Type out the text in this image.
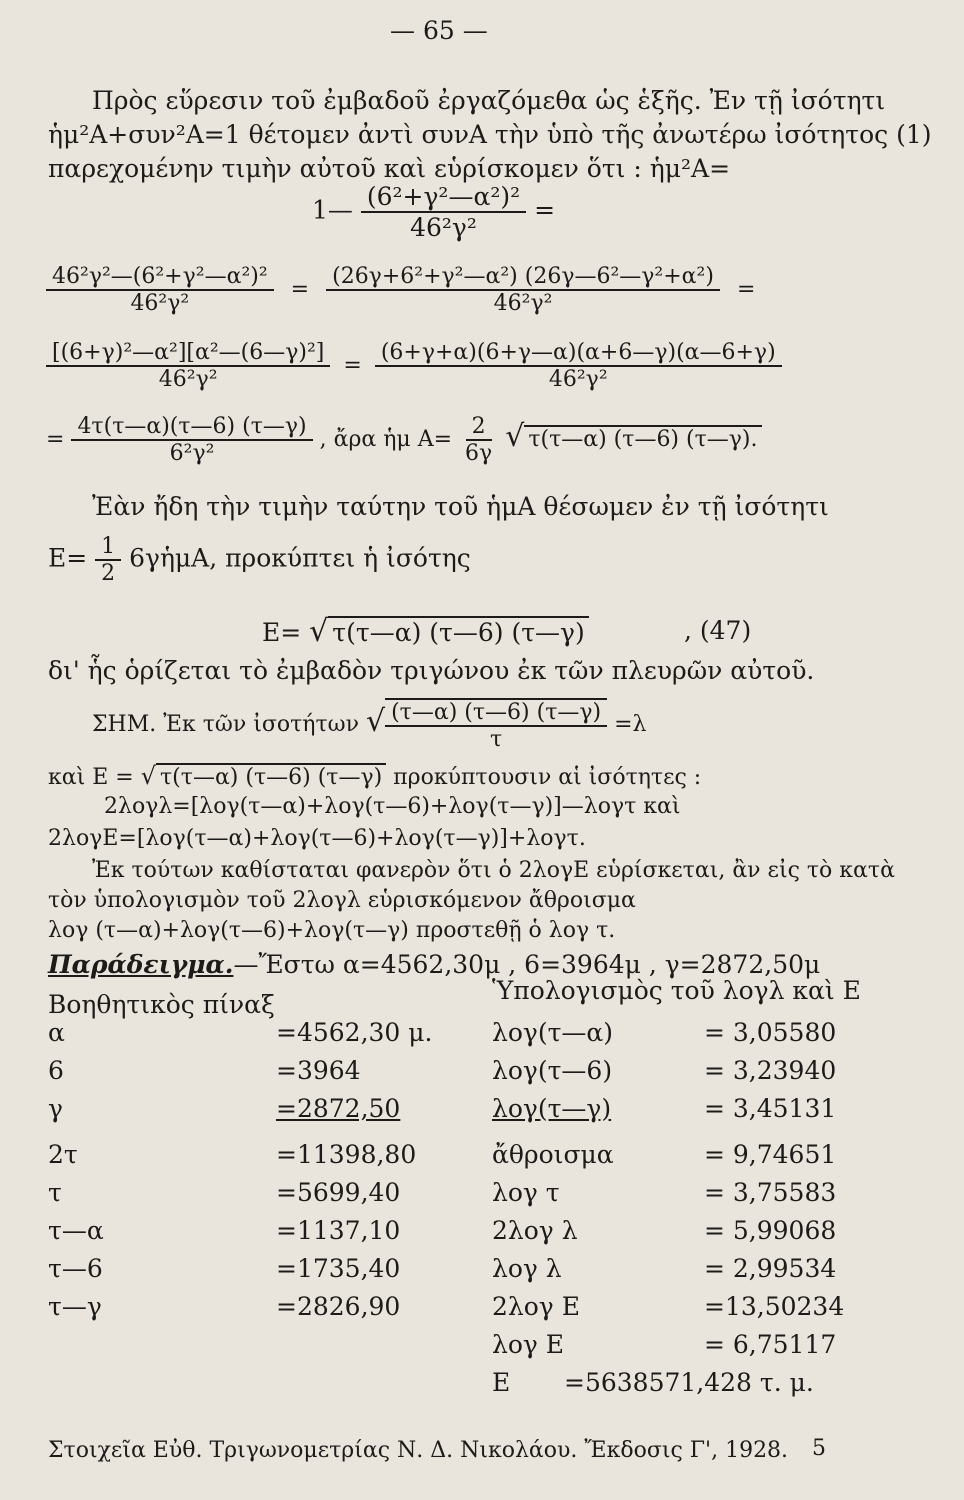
— 65 —
Πρὸς εὕρεσιν τοῦ ἐμβαδοῦ ἐργαζόμεθα ὡς ἑξῆς. Ἐν τῇ ἰσότητι
ἡμ²Α+συν²Α=1 θέτομεν ἀντὶ συνΑ τὴν ὑπὸ τῆς ἀνωτέρω ἰσότητος (1)
παρεχομένην τιμὴν αὐτοῦ καὶ εὑρίσκομεν ὅτι : ἡμ²Α=
1— $\frac{\text{(6²+γ²—α²)²}}{\text{46²γ²}}$ =
$\frac{\text{46²γ²—(6²+γ²—α²)²}}{\text{46²γ²}} = \frac{\text{(26γ+6²+γ²—α²) (26γ—6²—γ²+α²)}}{\text{46²γ²}}$ =
$\frac{\text{[(6+γ)²—α²][α²—(6—γ)²]}}{\text{46²γ²}} = \frac{(6+\gamma+\alpha)(6+\gamma—\alpha)(\alpha+6—\gamma)(\alpha—6+\gamma)}{\text{46²γ²}}$
= $\frac{4\tau(\tau—\alpha)(\tau—6) (\tau—\gamma)}{\text{6²γ²}}$ , ἄρα ἡμ $A= \frac{2}{6\gamma}$ √ τ(τ—α) (τ—6) (τ—γ).
Ἐὰν ἤδη τὴν τιμὴν ταύτην τοῦ ἡμΑ θέσωμεν ἐν τῇ ἰσότητι
$E= \frac{1}{2}$ 6γἡμΑ, προκύπτει ἡ ἰσότης
Ε= √ τ(τ—α) (τ—6) (τ—γ)	, (47)
δι' ἧς ὁρίζεται τὸ ἐμβαδὸν τριγώνου ἐκ τῶν πλευρῶν αὐτοῦ.
ΣΗΜ. Ἐκ τῶν ἰσοτήτων √ $\frac{(\tau—\alpha) (\tau—6) (\tau—\gamma)}{\tau} =\lambda$
καὶ Ε = √ τ(τ—α) (τ—6) (τ—γ) προκύπτουσιν αἱ ἰσότητες :
2λογλ=[λογ(τ—α)+λογ(τ—6)+λογ(τ—γ)]—λογτ καὶ
2λογΕ=[λογ(τ—α)+λογ(τ—6)+λογ(τ—γ)]+λογτ.
Ἐκ τούτων καθίσταται φανερὸν ὅτι ὁ 2λογΕ εὑρίσκεται, ἂν εἰς τὸ κατὰ
τὸν ὑπολογισμὸν τοῦ 2λογλ εὑρισκόμενον ἄθροισμα
λογ (τ—α)+λογ(τ—6)+λογ(τ—γ) προστεθῇ ὁ λογ τ.
Παράδειγμα.—Ἔστω α=4562,30μ , 6=3964μ , γ=2872,50μ
Βοηθητικὸς πίναξ	Ὑπολογισμὸς τοῦ λογλ καὶ Ε
α	=4562,30 μ.
6	=3964
γ	=2872,50
2τ	=11398,80
τ	=5699,40
τ—α	=1137,10
τ—6	=1735,40
τ—γ	=2826,90
λογ(τ—α)	= 3,05580
λογ(τ—6)	= 3,23940
λογ(τ—γ)	= 3,45131
ἄθροισμα	= 9,74651
λογ τ	= 3,75583
2λογ λ	= 5,99068
λογ λ	= 2,99534
2λογ Ε	=13,50234
λογ Ε	= 6,75117
Ε =5638571,428 τ. μ.
Στοιχεῖα Εὐθ. Τριγωνομετρίας Ν. Δ. Νικολάου. Ἔκδοσις Γ', 1928. 5
